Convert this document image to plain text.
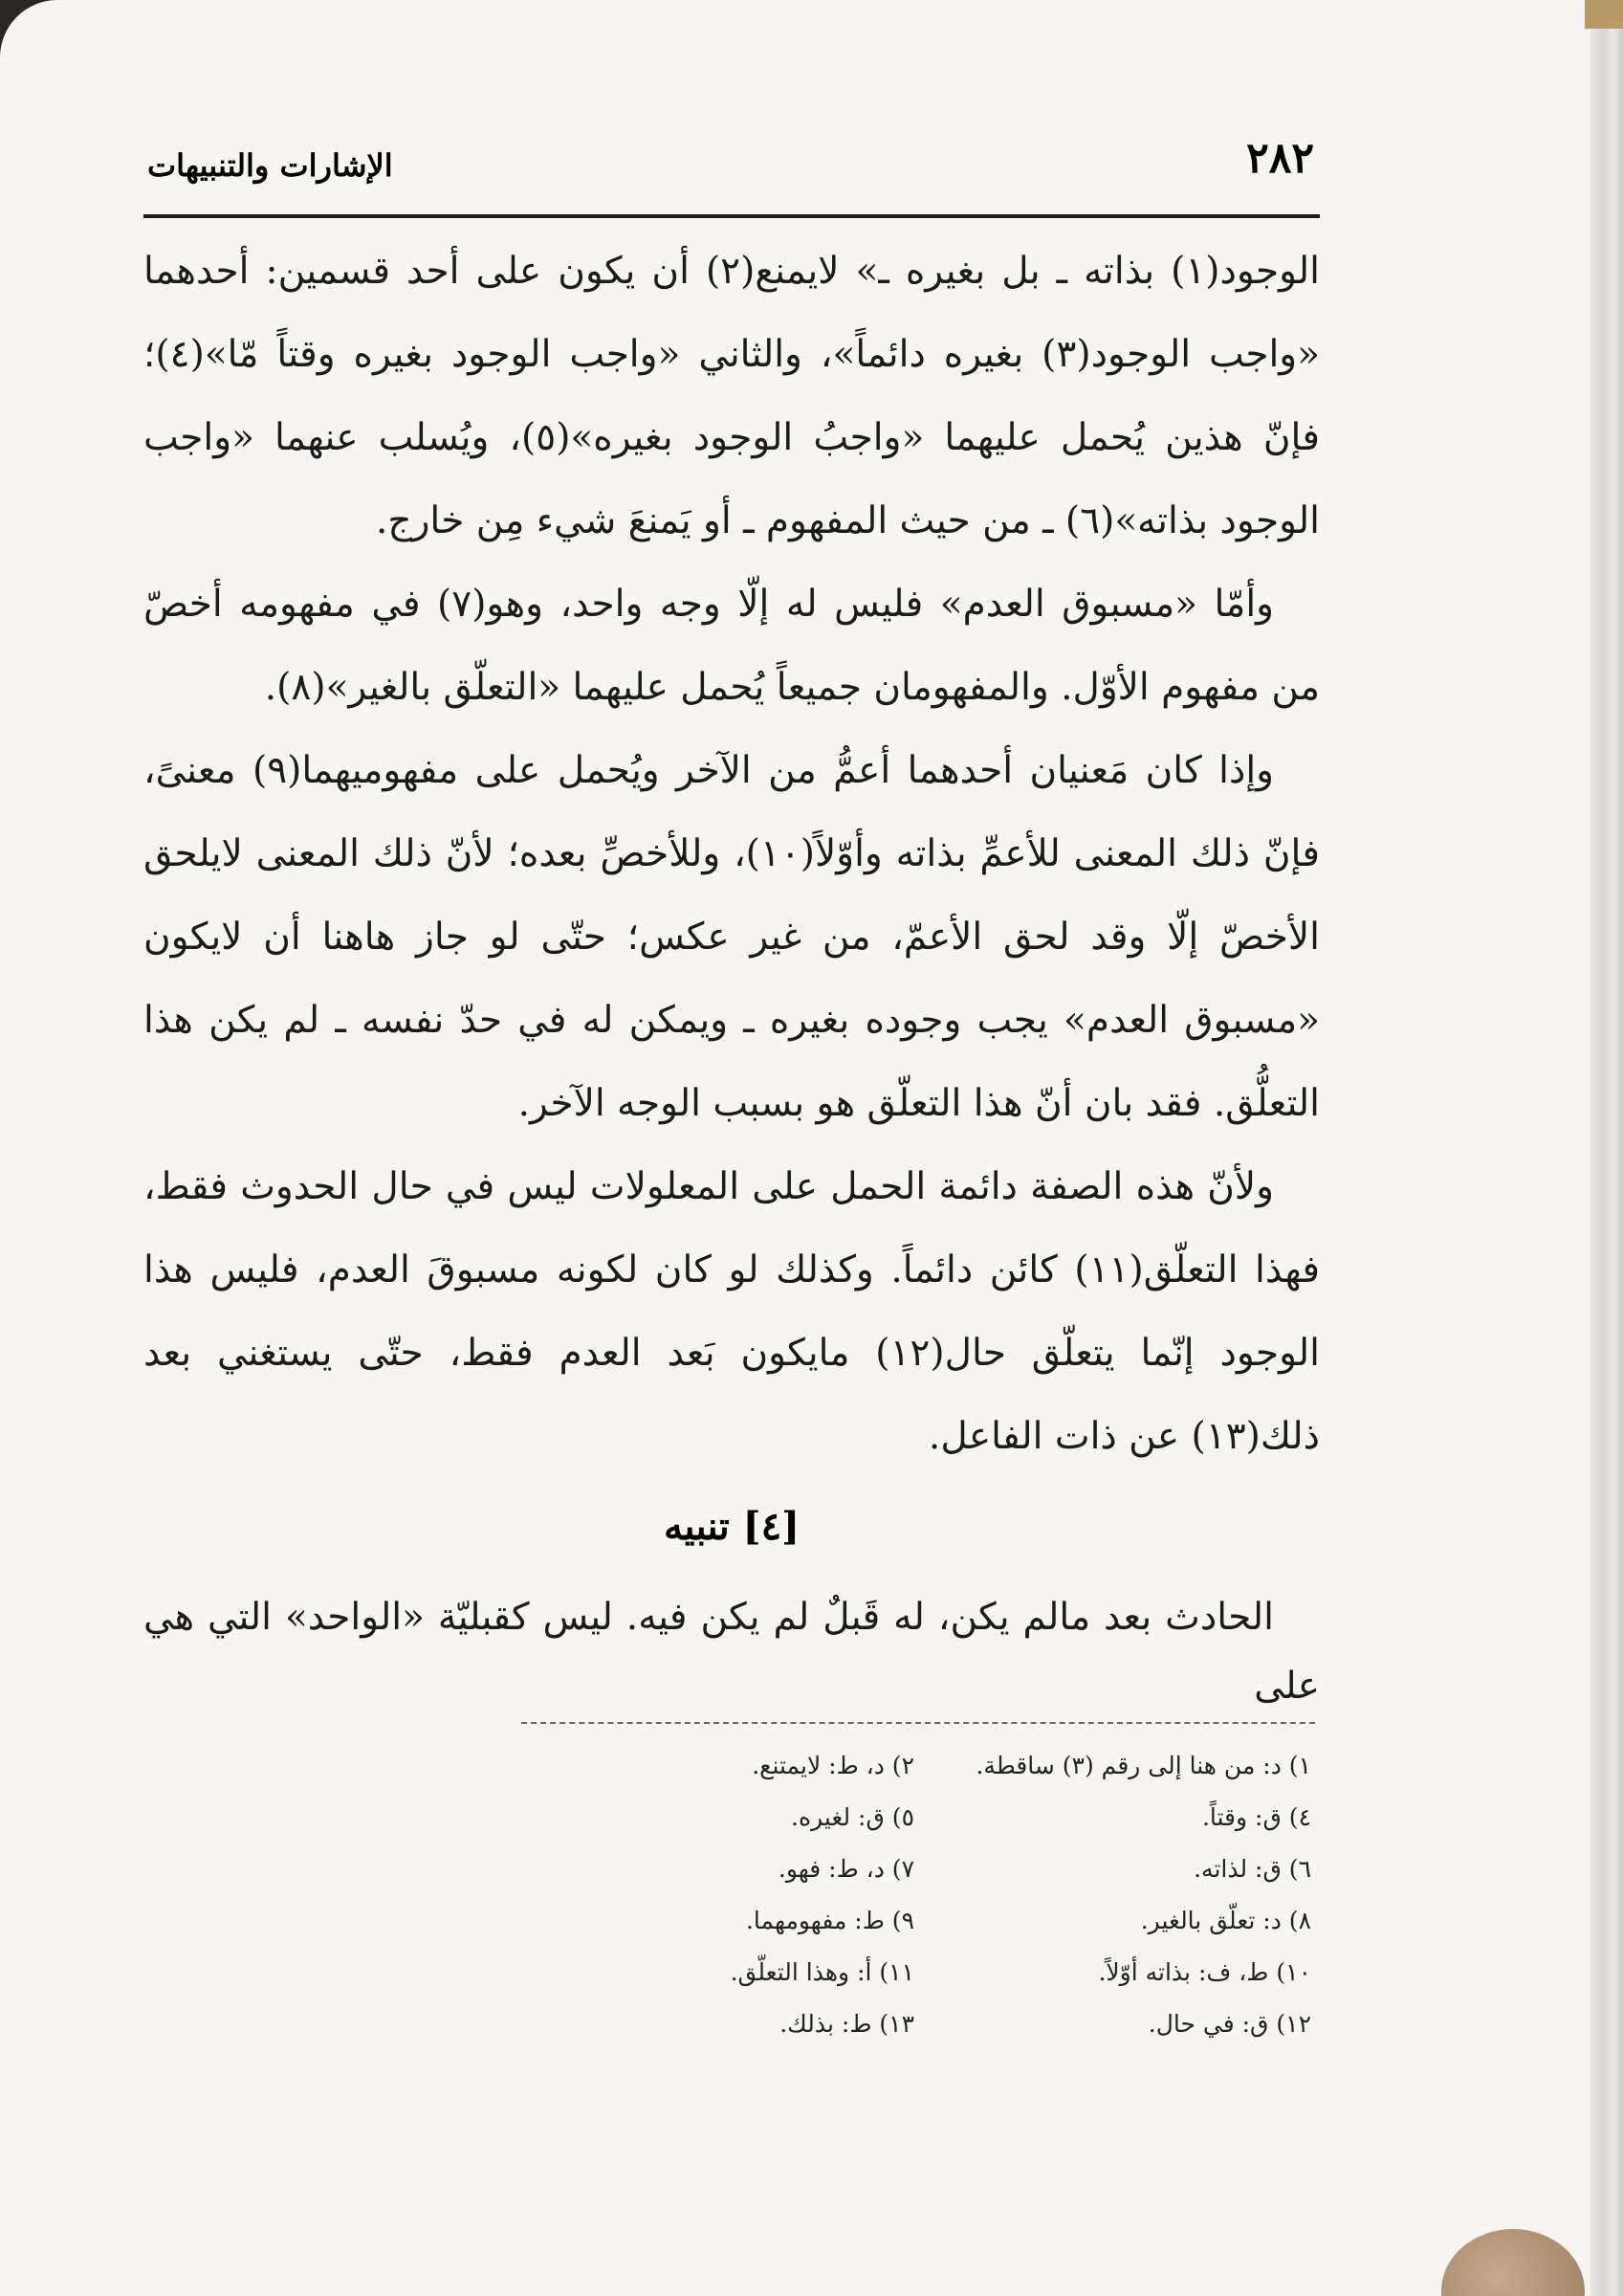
٢٨٢
الإشارات والتنبيهات

الوجود(١) بذاته ـ بل بغيره ـ» لايمنع(٢) أن يكون على أحد قسمين: أحدهما «واجب الوجود(٣) بغيره دائماً»، والثاني «واجب الوجود بغيره وقتاً مّا»(٤)؛ فإنّ هذين يُحمل عليهما «واجبُ الوجود بغيره»(٥)، ويُسلب عنهما «واجب الوجود بذاته»(٦) ـ من حيث المفهوم ـ أو يَمنعَ شيء مِن خارج.

وأمّا «مسبوق العدم» فليس له إلّا وجه واحد، وهو(٧) في مفهومه أخصّ من مفهوم الأوّل. والمفهومان جميعاً يُحمل عليهما «التعلّق بالغير»(٨).

وإذا كان مَعنيان أحدهما أعمُّ من الآخر ويُحمل على مفهوميهما(٩) معنىً، فإنّ ذلك المعنى للأعمِّ بذاته وأوّلاً(١٠)، وللأخصِّ بعده؛ لأنّ ذلك المعنى لايلحق الأخصّ إلّا وقد لحق الأعمّ، من غير عكس؛ حتّى لو جاز هاهنا أن لايكون «مسبوق العدم» يجب وجوده بغيره ـ ويمكن له في حدّ نفسه ـ لم يكن هذا التعلُّق. فقد بان أنّ هذا التعلّق هو بسبب الوجه الآخر.

ولأنّ هذه الصفة دائمة الحمل على المعلولات ليس في حال الحدوث فقط، فهذا التعلّق(١١) كائن دائماً. وكذلك لو كان لكونه مسبوقَ العدم، فليس هذا الوجود إنّما يتعلّق حال(١٢) مايكون بَعد العدم فقط، حتّى يستغني بعد ذلك(١٣) عن ذات الفاعل.

[٤] تنبيه
الحادث بعد مالم يكن، له قَبلٌ لم يكن فيه. ليس كقبليّة «الواحد» التي هي على
١) د: من هنا إلى رقم (٣) ساقطة.
٢) د، ط: لايمتنع.
٤) ق: وقتاً.
٥) ق: لغيره.
٦) ق: لذاته.
٧) د، ط: فهو.
٨) د: تعلّق بالغير.
٩) ط: مفهومهما.
١٠) ط، ف: بذاته أوّلاً.
١١) أ: وهذا التعلّق.
١٢) ق: في حال.
١٣) ط: بذلك.
